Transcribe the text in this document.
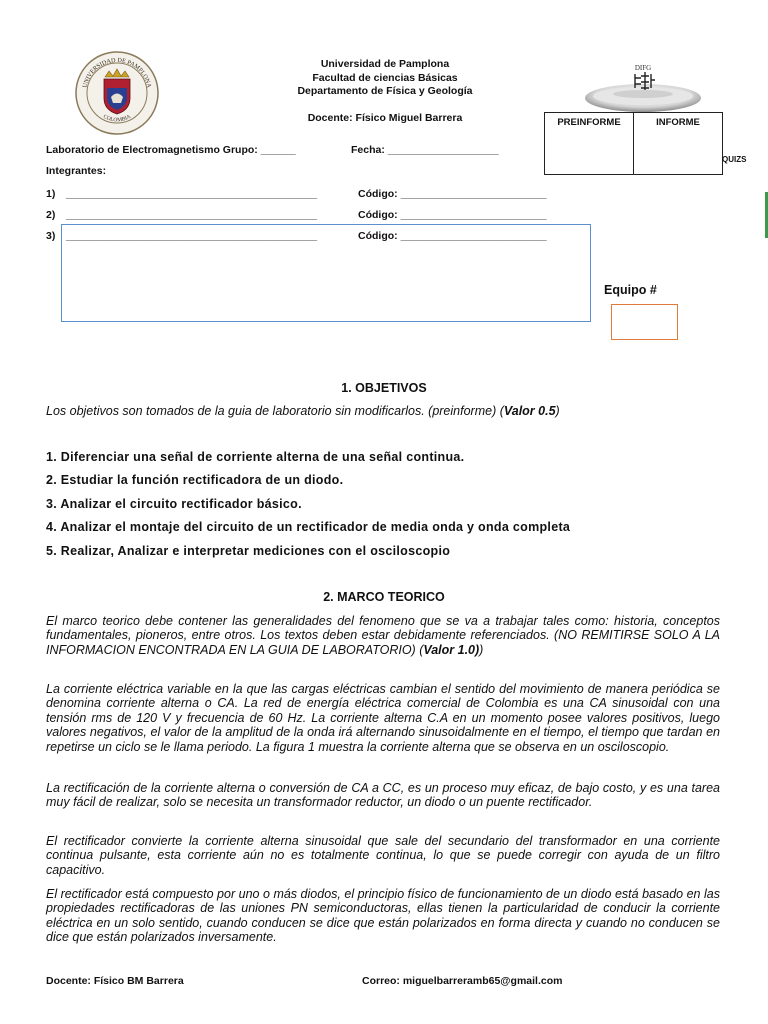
UNIVERSIDAD DE PAMPLONA
COLOMBIA
Universidad de Pamplona
Facultad de ciencias Básicas
Departamento de Física y Geología
Docente: Físico Miguel Barrera
DIFG
PREINFORME	INFORME
QUIZS
Laboratorio de Electromagnetismo Grupo: ______	Fecha: ___________________
Integrantes:
1) ___________________________________________	Código: _________________________
2) ___________________________________________	Código: _________________________
3) ___________________________________________	Código: _________________________
Equipo #
1. OBJETIVOS
Los objetivos son tomados de la guia de laboratorio sin modificarlos. (preinforme) (Valor 0.5)
1. Diferenciar una señal de corriente alterna de una señal continua.
2. Estudiar la función rectificadora de un diodo.
3. Analizar el circuito rectificador básico.
4. Analizar el montaje del circuito de un rectificador de media onda y onda completa
5. Realizar, Analizar e interpretar mediciones con el osciloscopio
2. MARCO TEORICO
El marco teorico debe contener las generalidades del fenomeno que se va a trabajar tales como: historia, conceptos fundamentales, pioneros, entre otros. Los textos deben estar debidamente referenciados. (NO REMITIRSE SOLO A LA INFORMACION ENCONTRADA EN LA GUIA DE LABORATORIO) (Valor 1.0))
La corriente eléctrica variable en la que las cargas eléctricas cambian el sentido del movimiento de manera periódica se denomina corriente alterna o CA. La red de energía eléctrica comercial de Colombia es una CA sinusoidal con una tensión rms de 120 V y frecuencia de 60 Hz. La corriente alterna C.A en un momento posee valores positivos, luego valores negativos, el valor de la amplitud de la onda irá alternando sinusoidalmente en el tiempo, el tiempo que tardan en repetirse un ciclo se le llama periodo. La figura 1 muestra la corriente alterna que se observa en un osciloscopio.
La rectificación de la corriente alterna o conversión de CA a CC, es un proceso muy eficaz, de bajo costo, y es una tarea muy fácil de realizar, solo se necesita un transformador reductor, un diodo o un puente rectificador.
El rectificador convierte la corriente alterna sinusoidal que sale del secundario del transformador en una corriente continua pulsante, esta corriente aún no es totalmente continua, lo que se puede corregir con ayuda de un filtro capacitivo.
El rectificador está compuesto por uno o más diodos, el principio físico de funcionamiento de un diodo está basado en las propiedades rectificadoras de las uniones PN semiconductoras, ellas tienen la particularidad de conducir la corriente eléctrica en un solo sentido, cuando conducen se dice que están polarizados en forma directa y cuando no conducen se dice que están polarizados inversamente.
Docente: Físico BM Barrera	Correo: miguelbarreramb65@gmail.com
